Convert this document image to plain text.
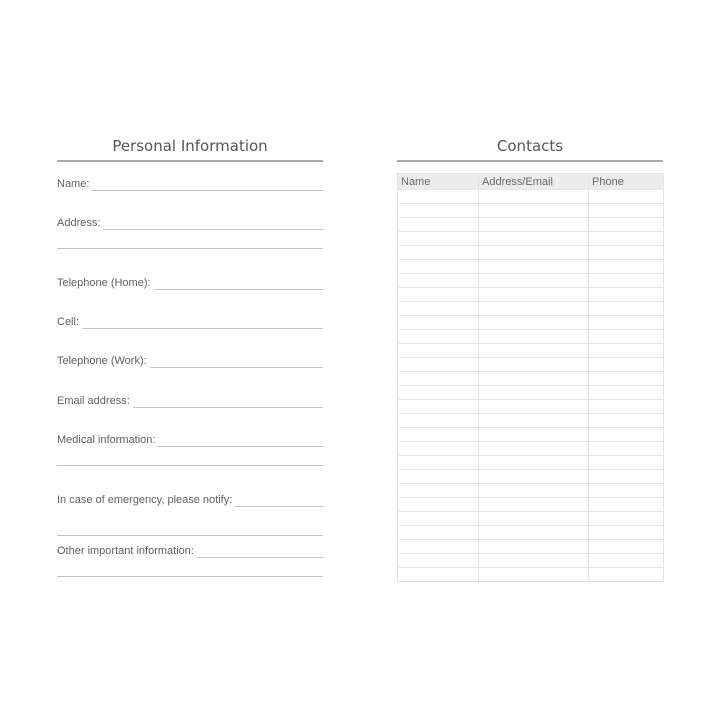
Personal Information
Name:
Address:
Telephone (Home):
Cell:
Telephone (Work):
Email address:
Medical information:
In case of emergency, please notify:
Other important information:
Contacts
Name	Address/Email	Phone
